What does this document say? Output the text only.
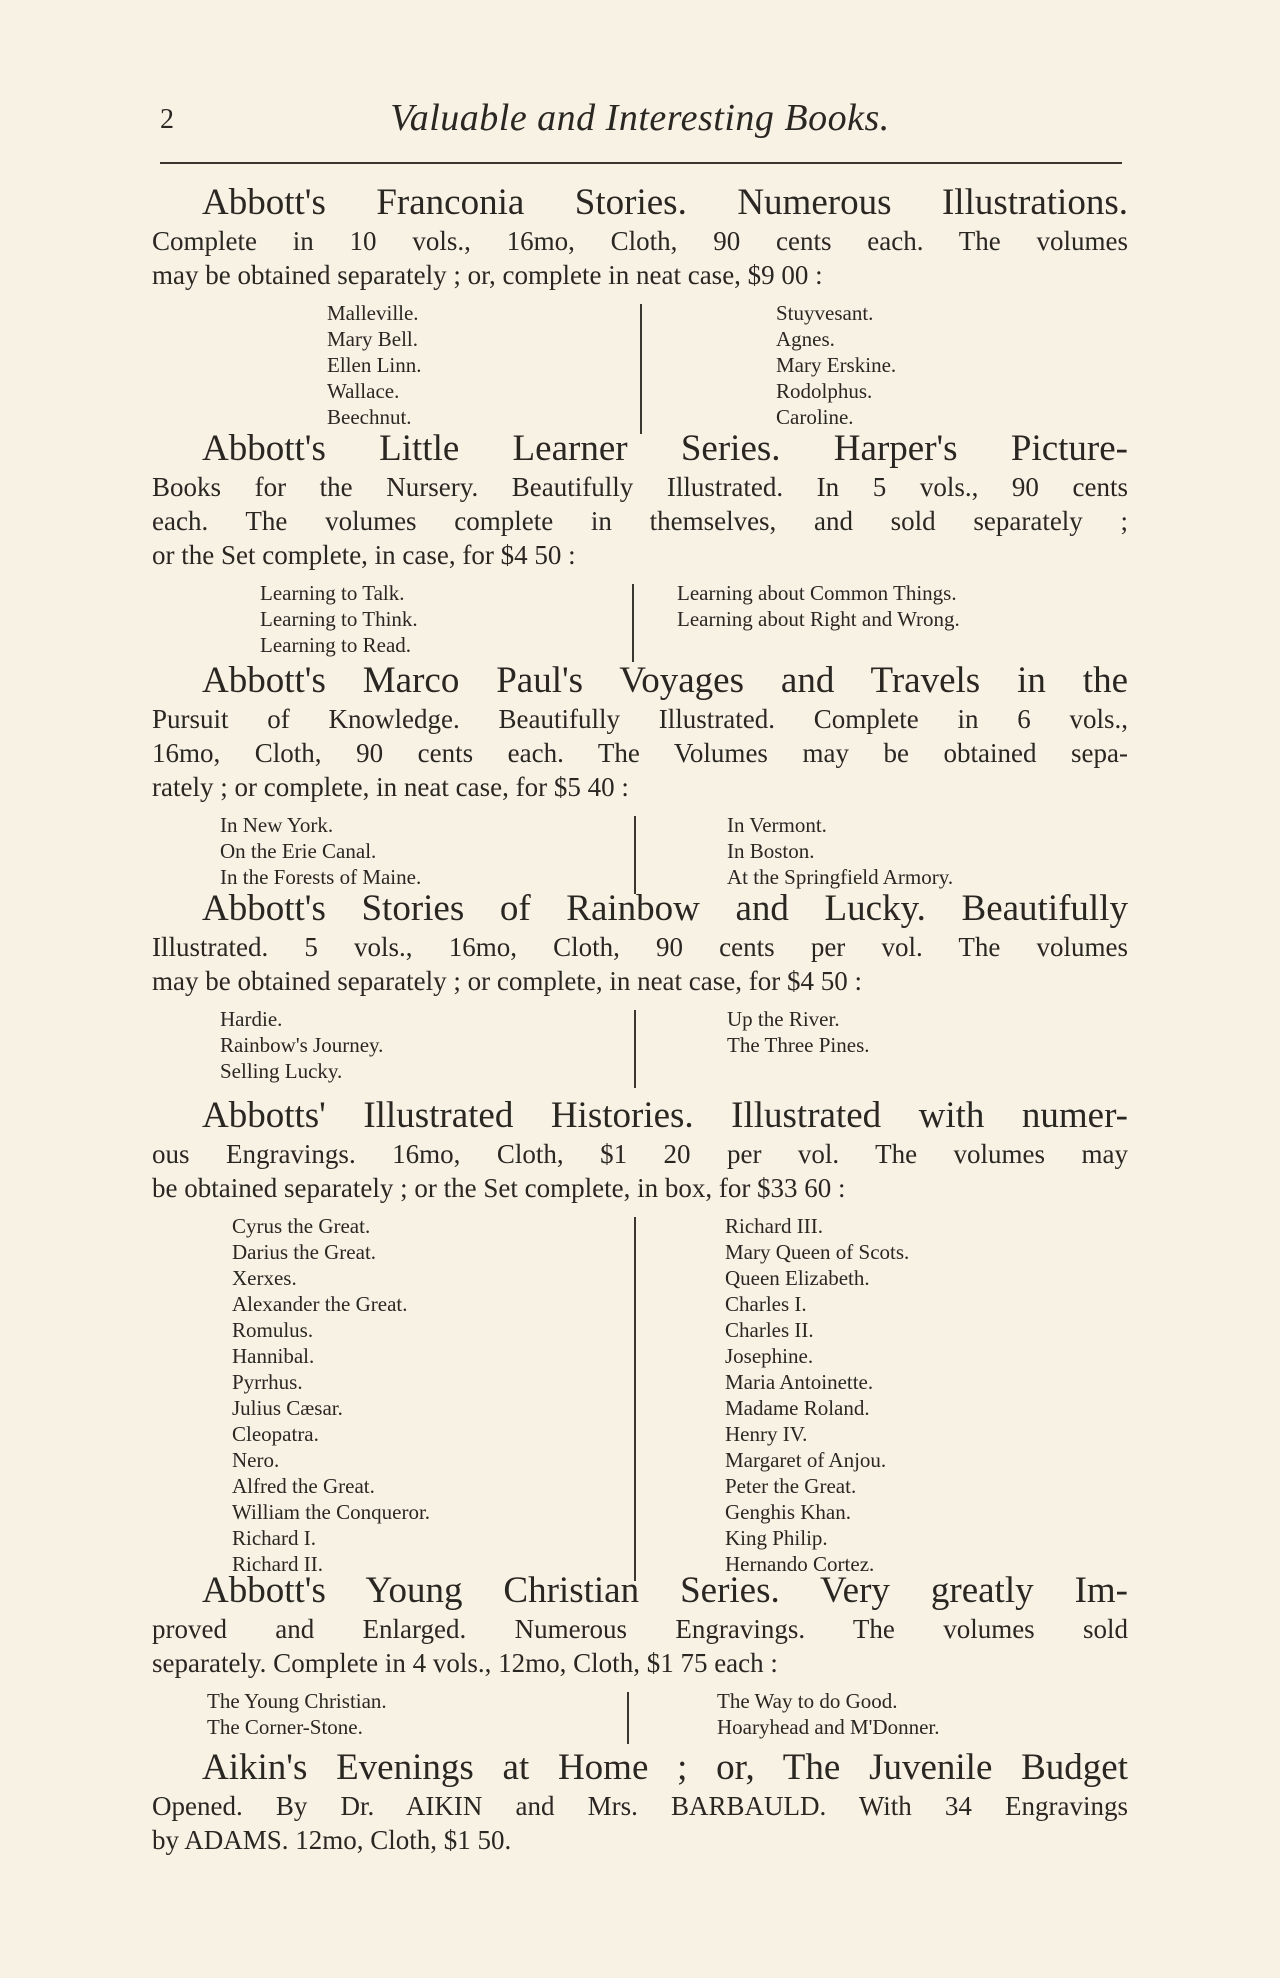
2	Valuable and Interesting Books.
Abbott's Franconia Stories. Numerous Illustrations.
Complete in 10 vols., 16mo, Cloth, 90 cents each. The volumes
may be obtained separately ; or, complete in neat case, $9 00 :
Malleville.
Mary Bell.
Ellen Linn.
Wallace.
Beechnut.
Stuyvesant.
Agnes.
Mary Erskine.
Rodolphus.
Caroline.
Abbott's Little Learner Series. Harper's Picture-
Books for the Nursery. Beautifully Illustrated. In 5 vols., 90 cents
each. The volumes complete in themselves, and sold separately ;
or the Set complete, in case, for $4 50 :
Learning to Talk.
Learning to Think.
Learning to Read.
Learning about Common Things.
Learning about Right and Wrong.
Abbott's Marco Paul's Voyages and Travels in the
Pursuit of Knowledge. Beautifully Illustrated. Complete in 6 vols.,
16mo, Cloth, 90 cents each. The Volumes may be obtained sepa-
rately ; or complete, in neat case, for $5 40 :
In New York.
On the Erie Canal.
In the Forests of Maine.
In Vermont.
In Boston.
At the Springfield Armory.
Abbott's Stories of Rainbow and Lucky. Beautifully
Illustrated. 5 vols., 16mo, Cloth, 90 cents per vol. The volumes
may be obtained separately ; or complete, in neat case, for $4 50 :
Hardie.
Rainbow's Journey.
Selling Lucky.
Up the River.
The Three Pines.
Abbotts' Illustrated Histories. Illustrated with numer-
ous Engravings. 16mo, Cloth, $1 20 per vol. The volumes may
be obtained separately ; or the Set complete, in box, for $33 60 :
Cyrus the Great.
Darius the Great.
Xerxes.
Alexander the Great.
Romulus.
Hannibal.
Pyrrhus.
Julius Cæsar.
Cleopatra.
Nero.
Alfred the Great.
William the Conqueror.
Richard I.
Richard II.
Richard III.
Mary Queen of Scots.
Queen Elizabeth.
Charles I.
Charles II.
Josephine.
Maria Antoinette.
Madame Roland.
Henry IV.
Margaret of Anjou.
Peter the Great.
Genghis Khan.
King Philip.
Hernando Cortez.
Abbott's Young Christian Series. Very greatly Im-
proved and Enlarged. Numerous Engravings. The volumes sold
separately. Complete in 4 vols., 12mo, Cloth, $1 75 each :
The Young Christian.
The Corner-Stone.
The Way to do Good.
Hoaryhead and M'Donner.
Aikin's Evenings at Home ; or, The Juvenile Budget
Opened. By Dr. AIKIN and Mrs. BARBAULD. With 34 Engravings
by ADAMS. 12mo, Cloth, $1 50.
